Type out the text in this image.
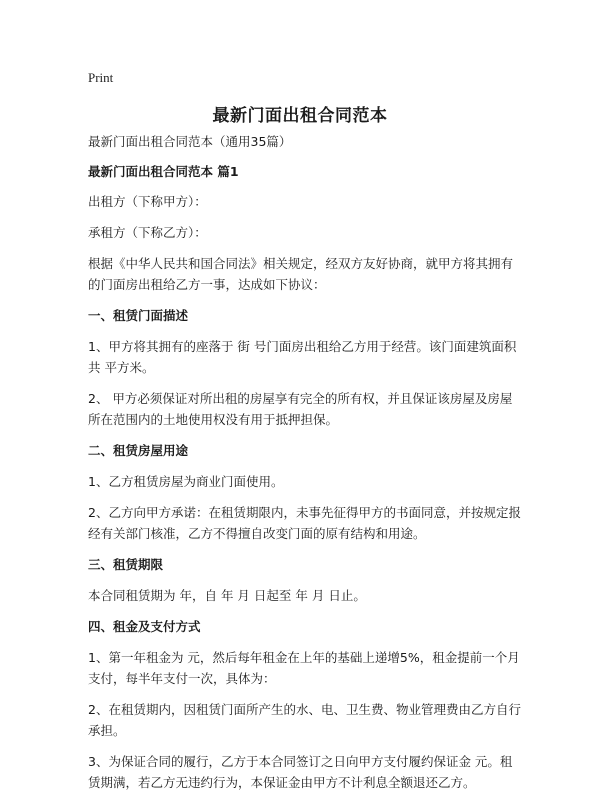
Print
最新门面出租合同范本

最新门面出租合同范本（通用35篇）

最新门面出租合同范本 篇1

出租方（下称甲方）：

承租方（下称乙方）：

根据《中华人民共和国合同法》相关规定，经双方友好协商，就甲方将其拥有的门面房出租给乙方一事，达成如下协议：

一、租赁门面描述

1、甲方将其拥有的座落于 街 号门面房出租给乙方用于经营。该门面建筑面积共 平方米。

2、 甲方必须保证对所出租的房屋享有完全的所有权，并且保证该房屋及房屋所在范围内的土地使用权没有用于抵押担保。

二、租赁房屋用途

1、乙方租赁房屋为商业门面使用。

2、乙方向甲方承诺：在租赁期限内，未事先征得甲方的书面同意，并按规定报经有关部门核准，乙方不得擅自改变门面的原有结构和用途。

三、租赁期限

本合同租赁期为 年，自 年 月 日起至 年 月 日止。

四、租金及支付方式

1、第一年租金为 元，然后每年租金在上年的基础上递增5%，租金提前一个月支付，每半年支付一次，具体为：

2、在租赁期内，因租赁门面所产生的水、电、卫生费、物业管理费由乙方自行承担。

3、为保证合同的履行，乙方于本合同签订之日向甲方支付履约保证金 元。租赁期满，若乙方无违约行为，本保证金由甲方不计利息全额退还乙方。
